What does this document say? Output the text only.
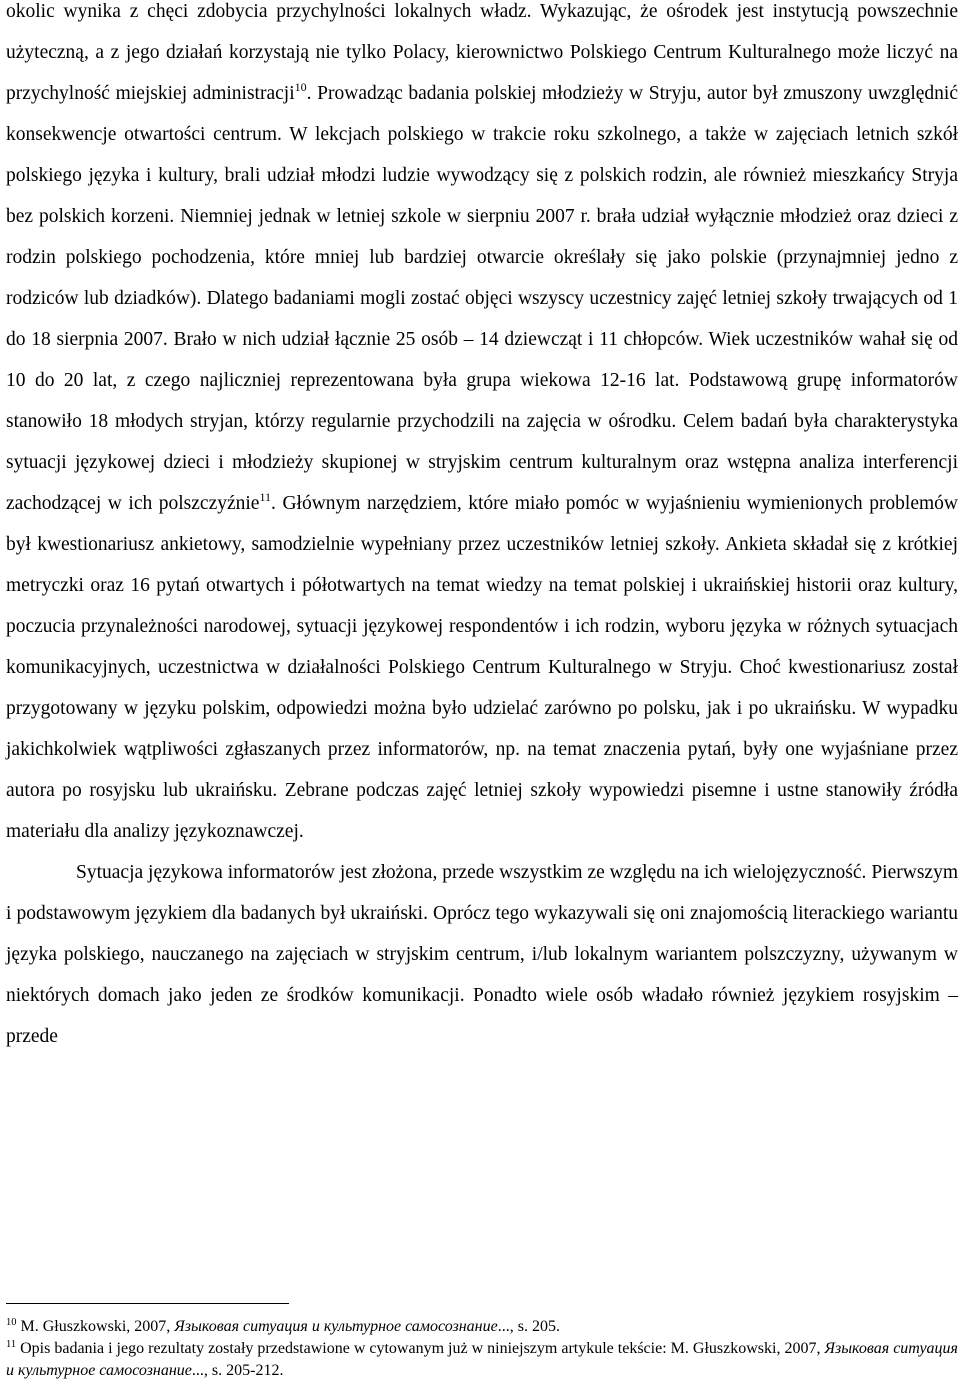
okolic wynika z chęci zdobycia przychylności lokalnych władz. Wykazując, że ośrodek jest instytucją powszechnie użyteczną, a z jego działań korzystają nie tylko Polacy, kierownictwo Polskiego Centrum Kulturalnego może liczyć na przychylność miejskiej administracji$^{10}$. Prowadząc badania polskiej młodzieży w Stryju, autor był zmuszony uwzględnić konsekwencje otwartości centrum. W lekcjach polskiego w trakcie roku szkolnego, a także w zajęciach letnich szkół polskiego języka i kultury, brali udział młodzi ludzie wywodzący się z polskich rodzin, ale również mieszkańcy Stryja bez polskich korzeni. Niemniej jednak w letniej szkole w sierpniu 2007 r. brała udział wyłącznie młodzież oraz dzieci z rodzin polskiego pochodzenia, które mniej lub bardziej otwarcie określały się jako polskie (przynajmniej jedno z rodziców lub dziadków). Dlatego badaniami mogli zostać objęci wszyscy uczestnicy zajęć letniej szkoły trwających od 1 do 18 sierpnia 2007. Brało w nich udział łącznie 25 osób – 14 dziewcząt i 11 chłopców. Wiek uczestników wahał się od 10 do 20 lat, z czego najliczniej reprezentowana była grupa wiekowa 12-16 lat. Podstawową grupę informatorów stanowiło 18 młodych stryjan, którzy regularnie przychodzili na zajęcia w ośrodku. Celem badań była charakterystyka sytuacji językowej dzieci i młodzieży skupionej w stryjskim centrum kulturalnym oraz wstępna analiza interferencji zachodzącej w ich polszczyźnie$^{11}$. Głównym narzędziem, które miało pomóc w wyjaśnieniu wymienionych problemów był kwestionariusz ankietowy, samodzielnie wypełniany przez uczestników letniej szkoły. Ankieta składał się z krótkiej metryczki oraz 16 pytań otwartych i półotwartych na temat wiedzy na temat polskiej i ukraińskiej historii oraz kultury, poczucia przynależności narodowej, sytuacji językowej respondentów i ich rodzin, wyboru języka w różnych sytuacjach komunikacyjnych, uczestnictwa w działalności Polskiego Centrum Kulturalnego w Stryju. Choć kwestionariusz został przygotowany w języku polskim, odpowiedzi można było udzielać zarówno po polsku, jak i po ukraińsku. W wypadku jakichkolwiek wątpliwości zgłaszanych przez informatorów, np. na temat znaczenia pytań, były one wyjaśniane przez autora po rosyjsku lub ukraińsku. Zebrane podczas zajęć letniej szkoły wypowiedzi pisemne i ustne stanowiły źródła materiału dla analizy językoznawczej.

Sytuacja językowa informatorów jest złożona, przede wszystkim ze względu na ich wielojęzyczność. Pierwszym i podstawowym językiem dla badanych był ukraiński. Oprócz tego wykazywali się oni znajomością literackiego wariantu języka polskiego, nauczanego na zajęciach w stryjskim centrum, i/lub lokalnym wariantem polszczyzny, używanym w niektórych domach jako jeden ze środków komunikacji. Ponadto wiele osób władało również językiem rosyjskim – przede

$^{10}$ M. Głuszkowski, 2007, Языковая ситуация и культурное самосознание..., s. 205.

$^{11}$ Opis badania i jego rezultaty zostały przedstawione w cytowanym już w niniejszym artykule tekście: M. Głuszkowski, 2007, Языковая ситуация и культурное самосознание..., s. 205-212.
